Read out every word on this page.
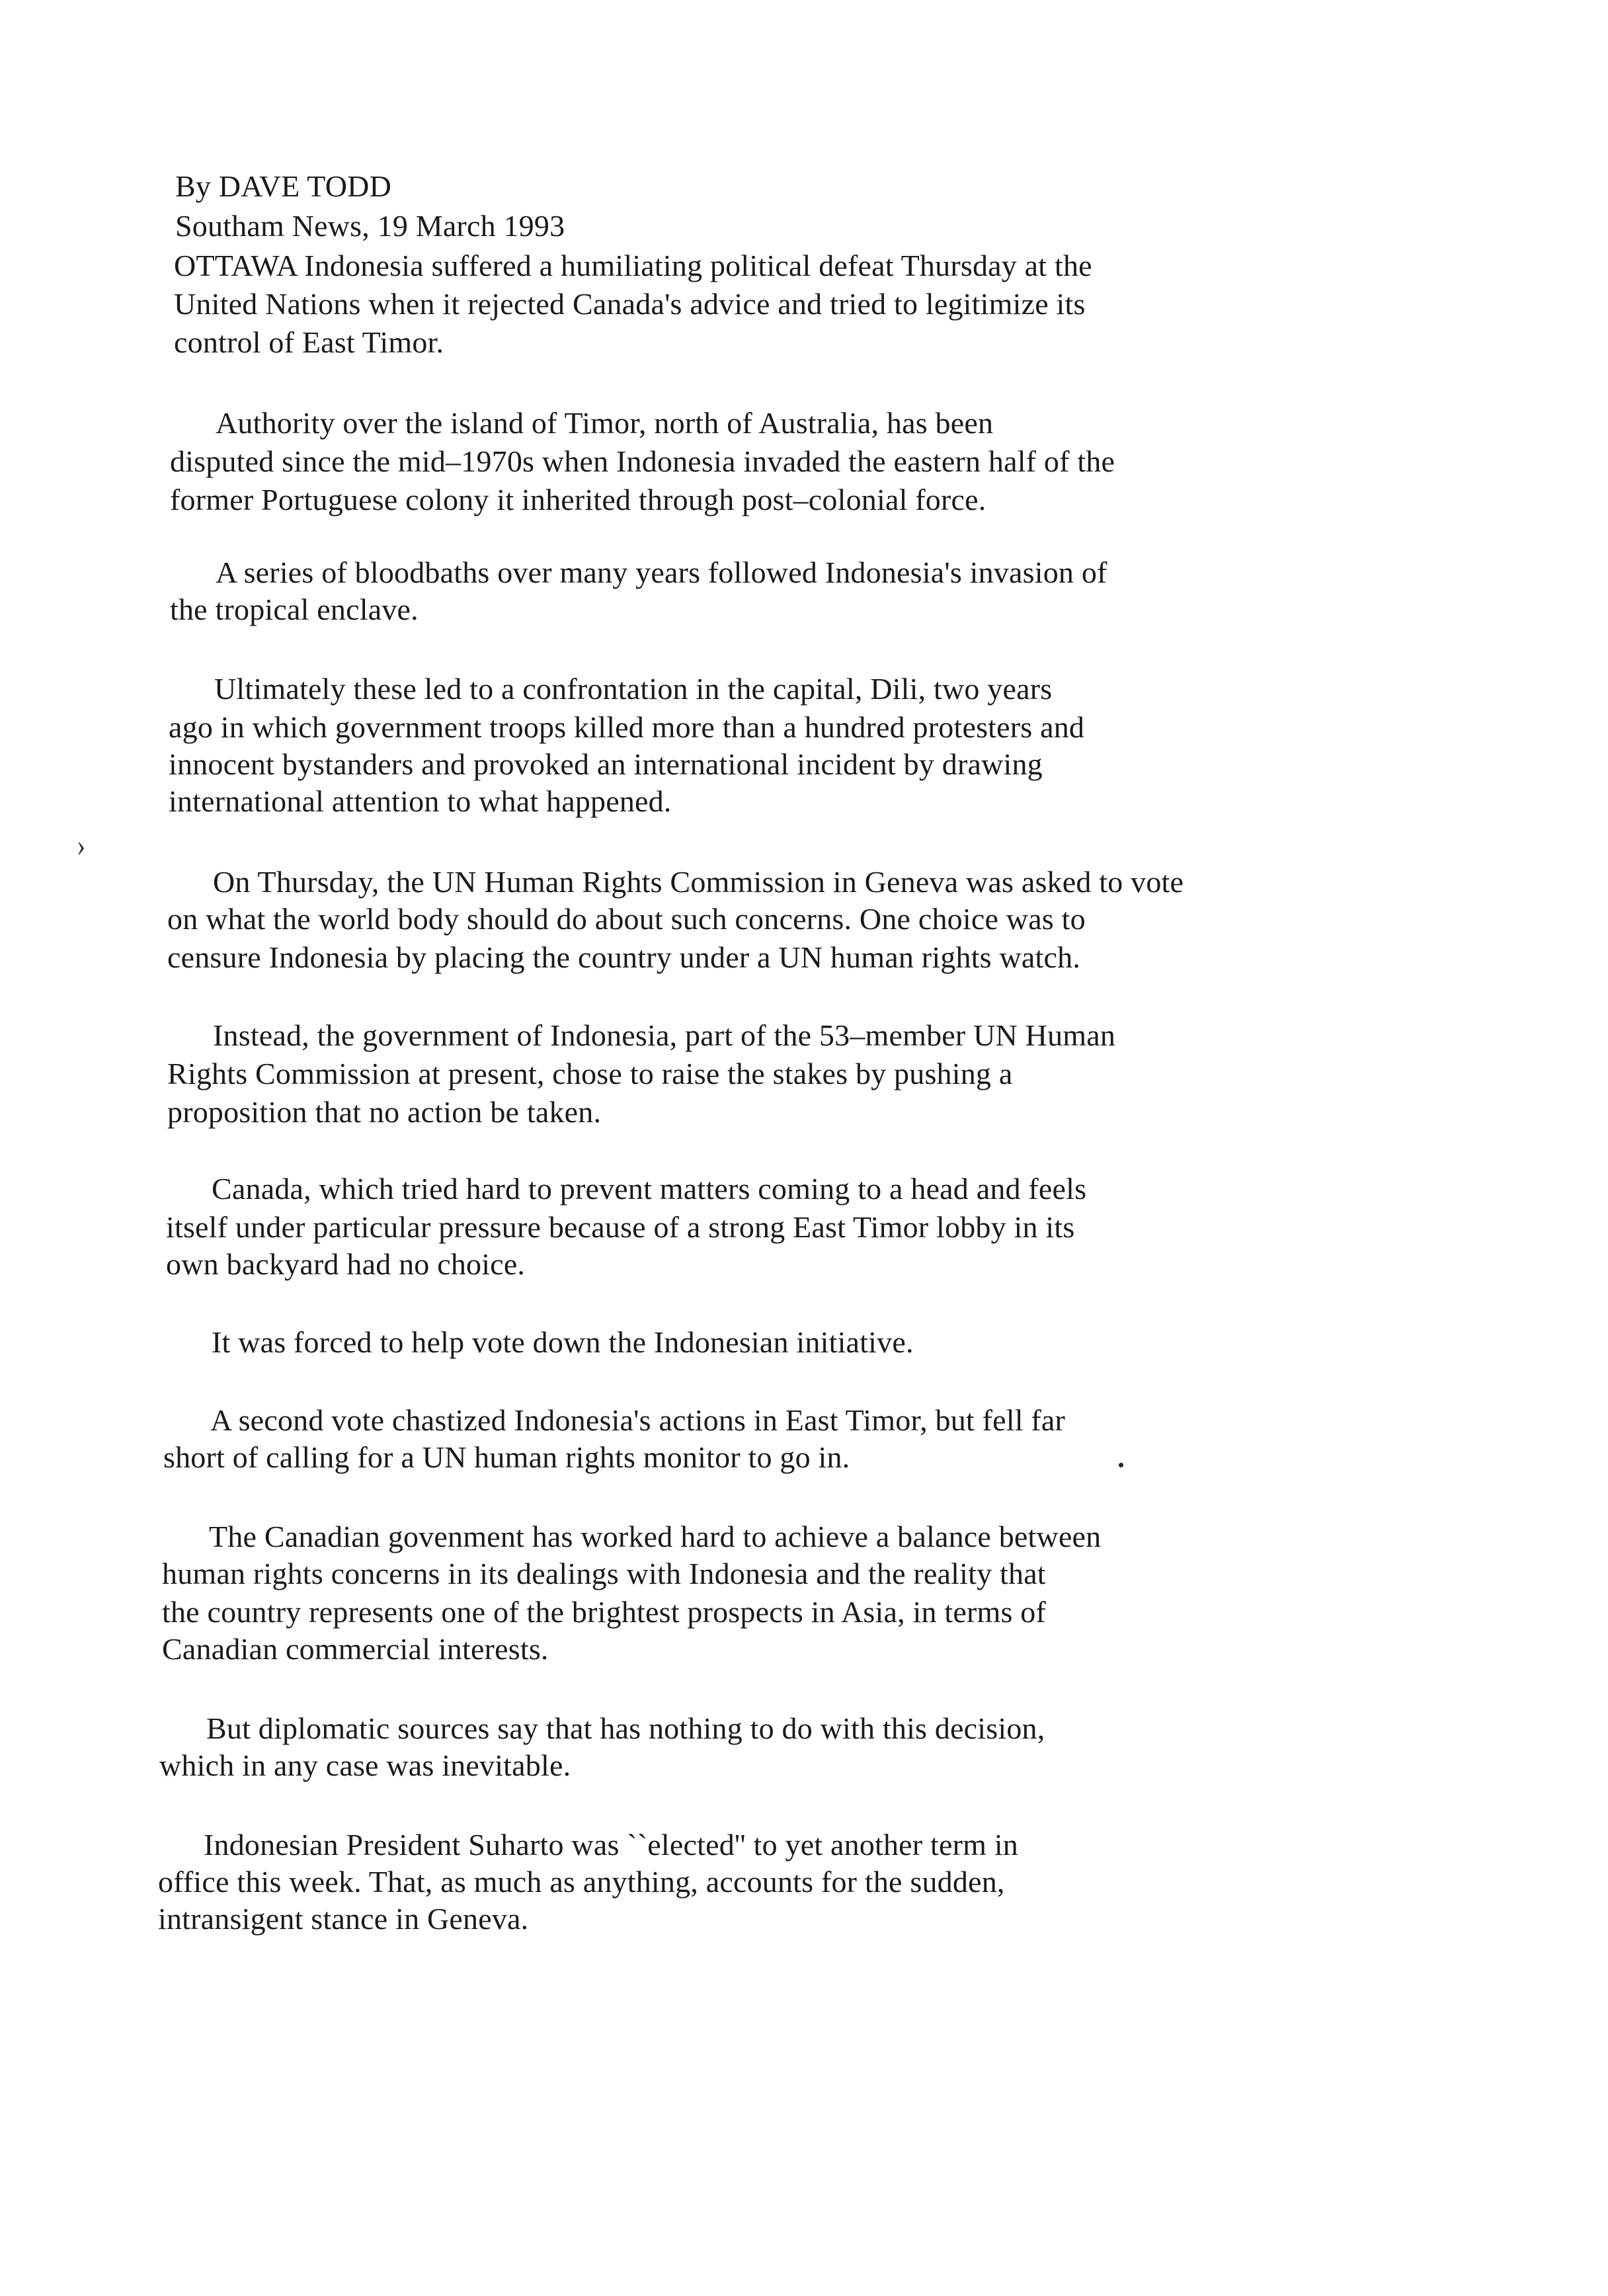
By DAVE TODD
Southam News, 19 March 1993
OTTAWA Indonesia suffered a humiliating political defeat Thursday at the
United Nations when it rejected Canada's advice and tried to legitimize its
control of East Timor.
Authority over the island of Timor, north of Australia, has been
disputed since the mid–1970s when Indonesia invaded the eastern half of the
former Portuguese colony it inherited through post–colonial force.
A series of bloodbaths over many years followed Indonesia's invasion of
the tropical enclave.
Ultimately these led to a confrontation in the capital, Dili, two years
ago in which government troops killed more than a hundred protesters and
innocent bystanders and provoked an international incident by drawing
international attention to what happened.
On Thursday, the UN Human Rights Commission in Geneva was asked to vote
on what the world body should do about such concerns. One choice was to
censure Indonesia by placing the country under a UN human rights watch.
Instead, the government of Indonesia, part of the 53–member UN Human
Rights Commission at present, chose to raise the stakes by pushing a
proposition that no action be taken.
Canada, which tried hard to prevent matters coming to a head and feels
itself under particular pressure because of a strong East Timor lobby in its
own backyard had no choice.
It was forced to help vote down the Indonesian initiative.
A second vote chastized Indonesia's actions in East Timor, but fell far
short of calling for a UN human rights monitor to go in.
The Canadian govenment has worked hard to achieve a balance between
human rights concerns in its dealings with Indonesia and the reality that
the country represents one of the brightest prospects in Asia, in terms of
Canadian commercial interests.
But diplomatic sources say that has nothing to do with this decision,
which in any case was inevitable.
Indonesian President Suharto was ``elected'' to yet another term in
office this week. That, as much as anything, accounts for the sudden,
intransigent stance in Geneva.
›
